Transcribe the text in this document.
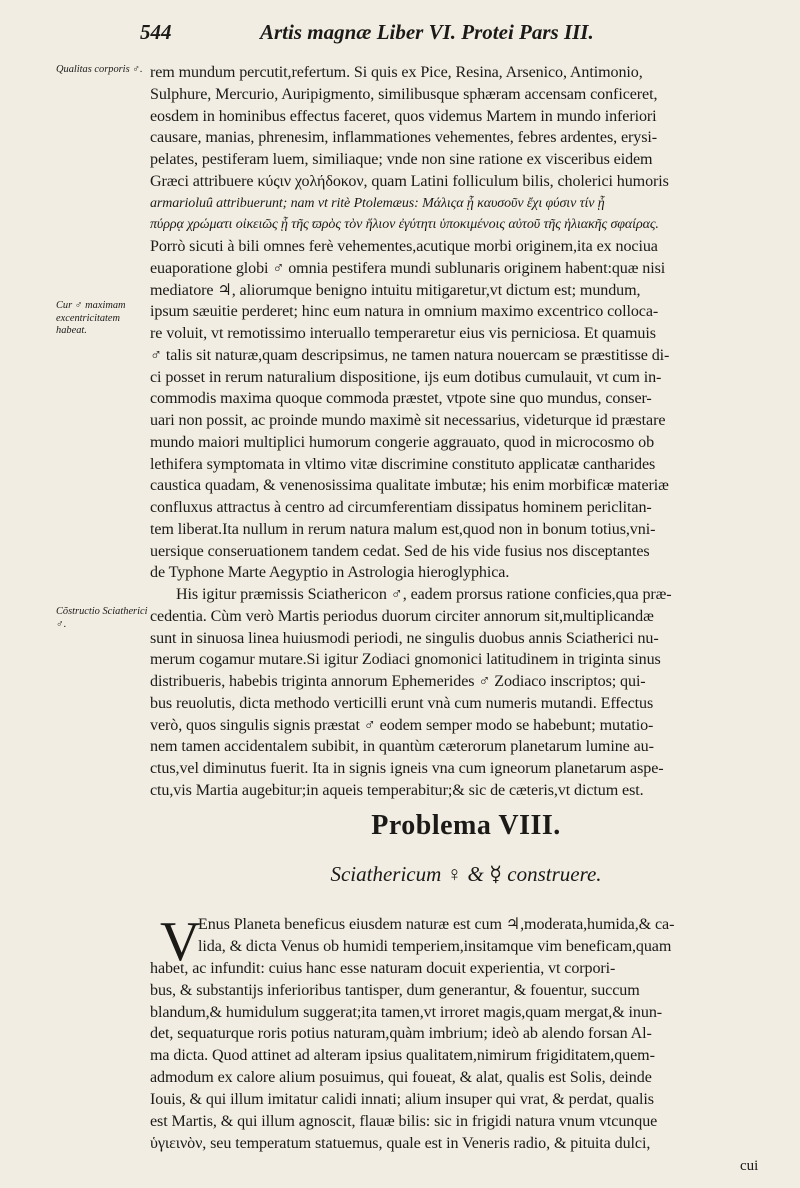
544	Artis magnæ Liber VI. Protei Pars III.
Qualitas corporis ♂.
Cur ♂ maximam excentricitatem habeat.
Cõstructio Sciatherici ♂.
rem mundum percutit,refertum. Si quis ex Pice, Resina, Arsenico, Antimonio,
Sulphure, Mercurio, Auripigmento, similibusque sphæram accensam conficeret,
eosdem in hominibus effectus faceret, quos videmus Martem in mundo inferiori
causare, manias, phrenesim, inflammationes vehementes, febres ardentes, erysi-
pelates, pestiferam luem, similiaque; vnde non sine ratione ex visceribus eidem
Græci attribuere κύςιν χολήδοκον, quam Latini folliculum bilis, cholerici humoris
armarioluȗ attribuerunt; nam vt ritè Ptolemæus: Μάλιςα ᾗ καυσοῦν ἔχι φύσιν τίν ᾗ
πύρρᾳ χρώματι οἰκειῶς ᾗ τῆς ϖρὸς τὸν ἥλιον ἐγύτητι ὑποκιμένοις αὐτοῦ τῆς ἡλιακῆς σφαίρας.
Porrò sicuti à bili omnes ferè vehementes,acutique morbi originem,ita ex nociua
euaporatione globi ♂ omnia pestifera mundi sublunaris originem habent:quæ nisi
mediatore ♃, aliorumque benigno intuitu mitigaretur,vt dictum est; mundum,
ipsum sæuitie perderet; hinc eum natura in omnium maximo excentrico colloca-
re voluit, vt remotissimo interuallo temperaretur eius vis perniciosa. Et quamuis
♂ talis sit naturæ,quam descripsimus, ne tamen natura nouercam se præstitisse di-
ci posset in rerum naturalium dispositione, ijs eum dotibus cumulauit, vt cum in-
commodis maxima quoque commoda præstet, vtpote sine quo mundus, conser-
uari non possit, ac proinde mundo maximè sit necessarius, videturque id præstare
mundo maiori multiplici humorum congerie aggrauato, quod in microcosmo ob
lethifera symptomata in vltimo vitæ discrimine constituto applicatæ cantharides
caustica quadam, & venenosissima qualitate imbutæ; his enim morbificæ materiæ
confluxus attractus à centro ad circumferentiam dissipatus hominem periclitan-
tem liberat.Ita nullum in rerum natura malum est,quod non in bonum totius,vni-
uersique conseruationem tandem cedat. Sed de his vide fusius nos disceptantes
de Typhone Marte Aegyptio in Astrologia hieroglyphica.
His igitur præmissis Sciathericon ♂, eadem prorsus ratione conficies,qua præ-
cedentia. Cùm verò Martis periodus duorum circiter annorum sit,multiplicandæ
sunt in sinuosa linea huiusmodi periodi, ne singulis duobus annis Sciatherici nu-
merum cogamur mutare.Si igitur Zodiaci gnomonici latitudinem in triginta sinus
distribueris, habebis triginta annorum Ephemerides ♂ Zodiaco inscriptos; qui-
bus reuolutis, dicta methodo verticilli erunt vnà cum numeris mutandi. Effectus
verò, quos singulis signis præstat ♂ eodem semper modo se habebunt; mutatio-
nem tamen accidentalem subibit, in quantùm cæterorum planetarum lumine au-
ctus,vel diminutus fuerit. Ita in signis igneis vna cum igneorum planetarum aspe-
ctu,vis Martia augebitur;in aqueis temperabitur;& sic de cæteris,vt dictum est.
Problema VIII.
Sciathericum ♀ & ☿ construere.
V
Enus Planeta beneficus eiusdem naturæ est cum ♃,moderata,humida,& ca-
lida, & dicta Venus ob humidi temperiem,insitamque vim beneficam,quam
habet, ac infundit: cuius hanc esse naturam docuit experientia, vt corpori-
bus, & substantijs inferioribus tantisper, dum generantur, & fouentur, succum
blandum,& humidulum suggerat;ita tamen,vt irroret magis,quam mergat,& inun-
det, sequaturque roris potius naturam,quàm imbrium; ideò ab alendo forsan Al-
ma dicta. Quod attinet ad alteram ipsius qualitatem,nimirum frigiditatem,quem-
admodum ex calore alium posuimus, qui foueat, & alat, qualis est Solis, deinde
Iouis, & qui illum imitatur calidi innati; alium insuper qui vrat, & perdat, qualis
est Martis, & qui illum agnoscit, flauæ bilis: sic in frigidi natura vnum vtcunque
ὑγιεινὸν, seu temperatum statuemus, quale est in Veneris radio, & pituita dulci,
cui
